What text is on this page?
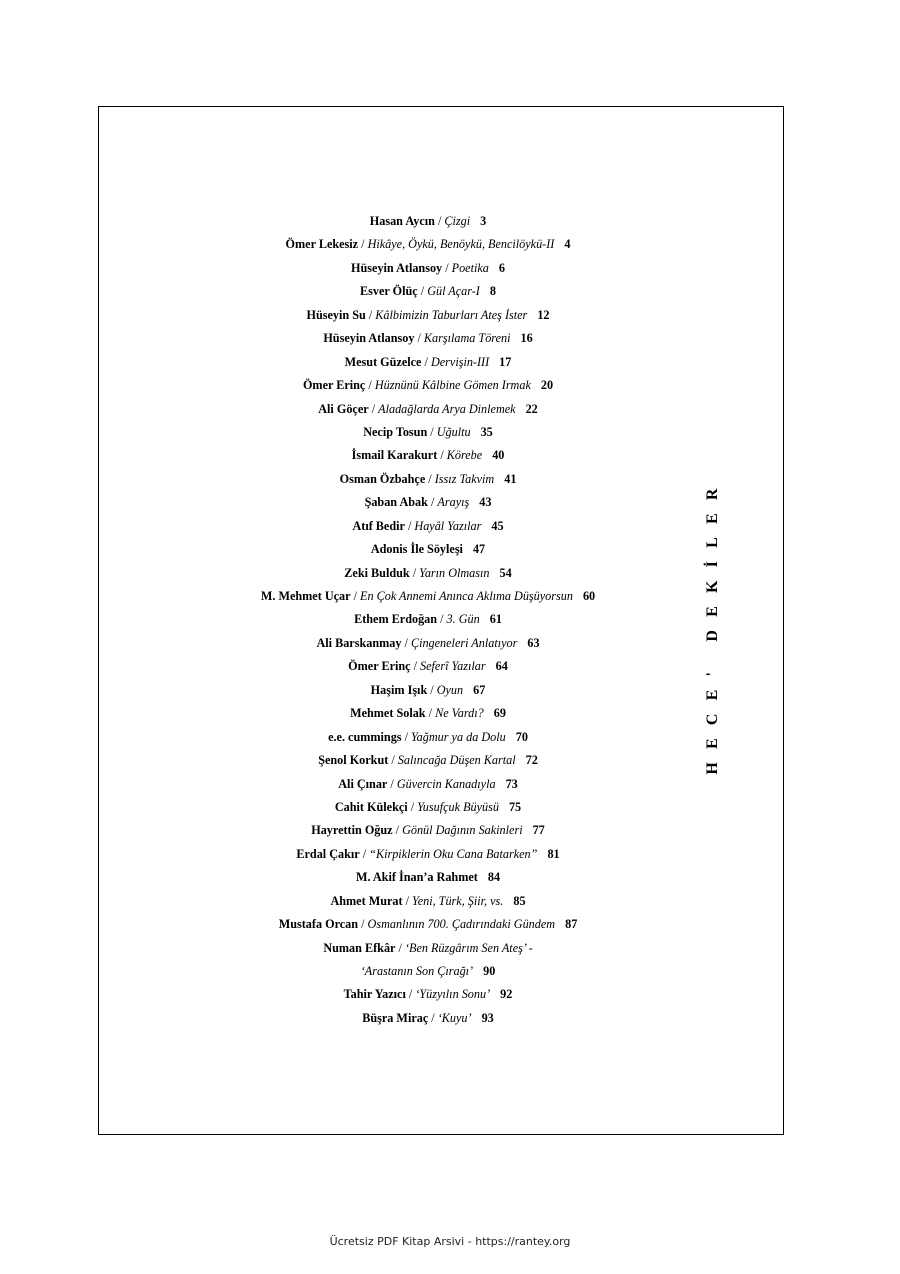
Hasan Aycın / Çizgi 3
Ömer Lekesiz / Hikâye, Öykü, Benöykü, Bencilöykü-II 4
Hüseyin Atlansoy / Poetika 6
Esver Ölüç / Gül Açar-I 8
Hüseyin Su / Kâlbimizin Taburları Ateş İster 12
Hüseyin Atlansoy / Karşılama Töreni 16
Mesut Güzelce / Dervişin-III 17
Ömer Erinç / Hüznünü Kâlbine Gömen Irmak 20
Ali Göçer / Aladağlarda Arya Dinlemek 22
Necip Tosun / Uğultu 35
İsmail Karakurt / Körebe 40
Osman Özbahçe / Issız Takvim 41
Şaban Abak / Arayış 43
Atıf Bedir / Hayâl Yazılar 45
Adonis İle Söyleşi 47
Zeki Bulduk / Yarın Olmasın 54
M. Mehmet Uçar / En Çok Annemi Anınca Aklıma Düşüyorsun 60
Ethem Erdoğan / 3. Gün 61
Ali Barskanmay / Çingeneleri Anlatıyor 63
Ömer Erinç / Seferî Yazılar 64
Haşim Işık / Oyun 67
Mehmet Solak / Ne Vardı? 69
e.e. cummings / Yağmur ya da Dolu 70
Şenol Korkut / Salıncağa Düşen Kartal 72
Ali Çınar / Güvercin Kanadıyla 73
Cahit Külekçi / Yusufçuk Büyüsü 75
Hayrettin Oğuz / Gönül Dağının Sakinleri 77
Erdal Çakır / “Kirpiklerin Oku Cana Batarken” 81
M. Akif İnan’a Rahmet 84
Ahmet Murat / Yeni, Türk, Şiir, vs. 85
Mustafa Orcan / Osmanlının 700. Çadırındaki Gündem 87
Numan Efkâr / ‘Ben Rüzgârım Sen Ateş’ -
‘Arastanın Son Çırağı’ 90
Tahir Yazıcı / ‘Yüzyılın Sonu’ 92
Büşra Miraç / ‘Kuyu’ 93
HECE' DEKİLER
Ücretsiz PDF Kitap Arsivi - https://rantey.org
